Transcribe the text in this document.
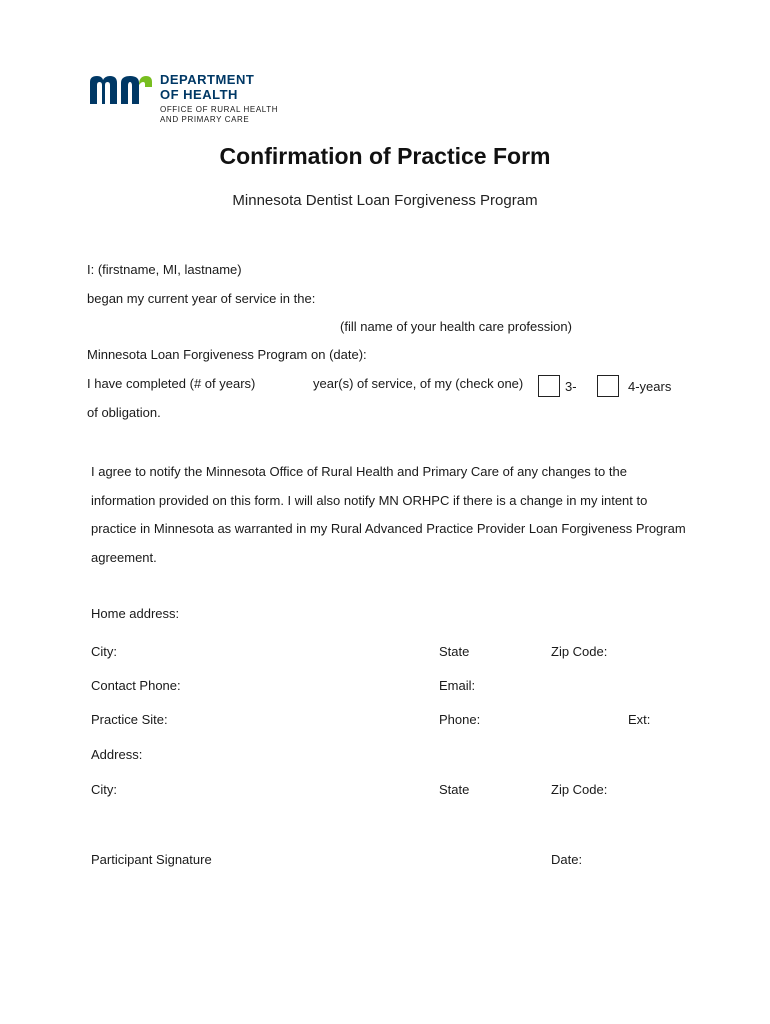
DEPARTMENT
OF HEALTH
OFFICE OF RURAL HEALTH
AND PRIMARY CARE
Confirmation of Practice Form
Minnesota Dentist Loan Forgiveness Program
I: (firstname, MI, lastname)
began my current year of service in the:
(fill name of your health care profession)
Minnesota Loan Forgiveness Program on (date):
I have completed (# of years)	year(s) of service, of my (check one)	3-	4-years
of obligation.
I agree to notify the Minnesota Office of Rural Health and Primary Care of any changes to the information provided on this form. I will also notify MN ORHPC if there is a change in my intent to practice in Minnesota as warranted in my Rural Advanced Practice Provider Loan Forgiveness Program agreement.
Home address:
City:	State	Zip Code:
Contact Phone:	Email:
Practice Site:	Phone:	Ext:
Address:
City:	State	Zip Code:
Participant Signature	Date:
